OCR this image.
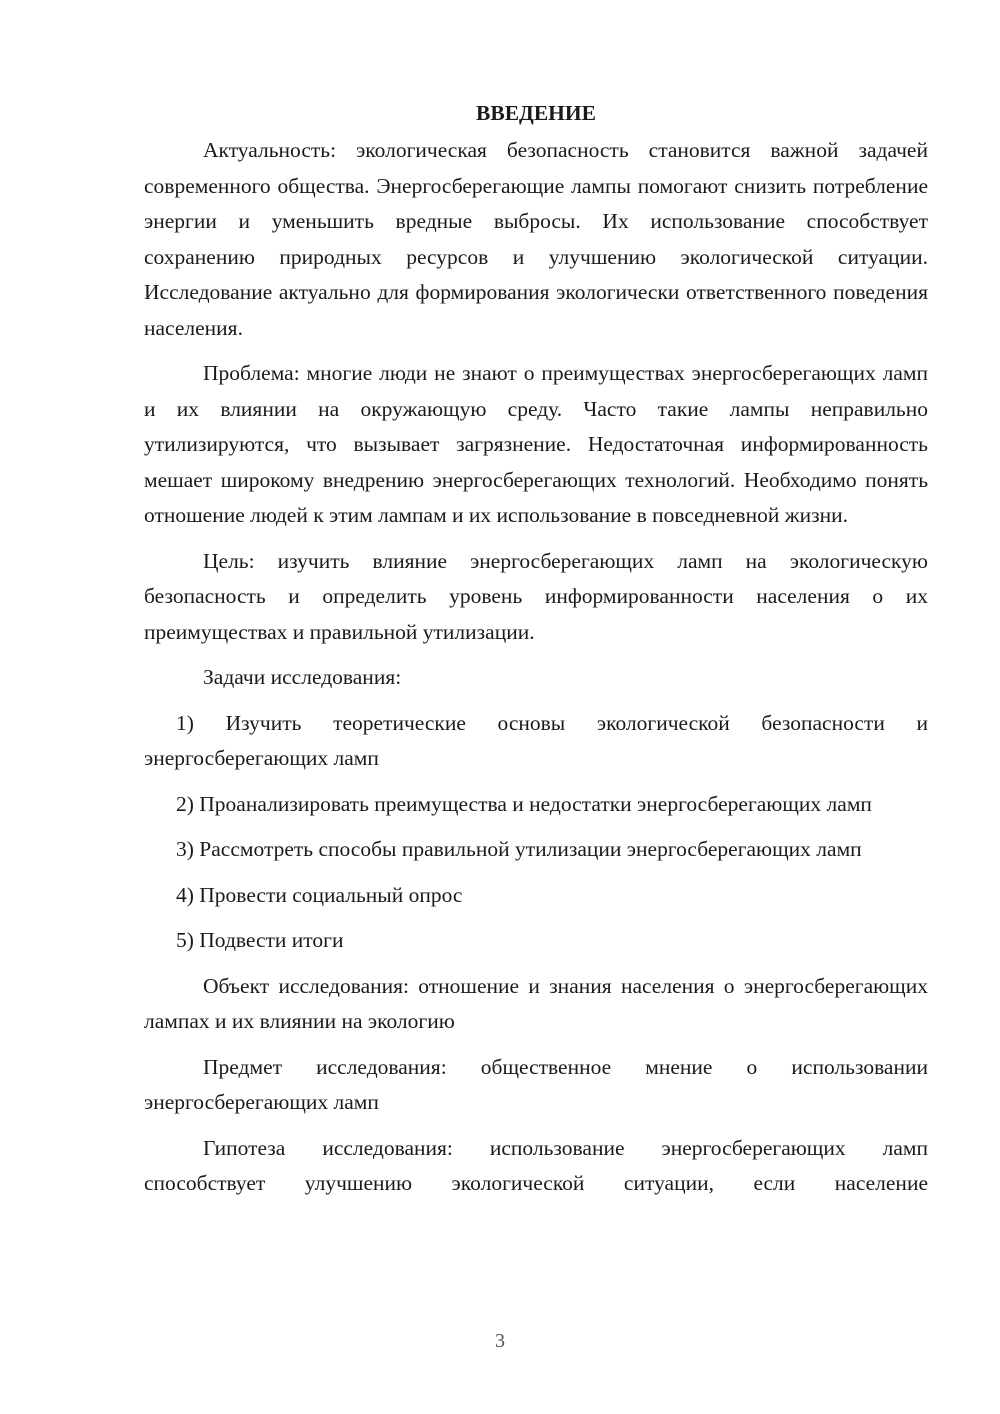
ВВЕДЕНИЕ

Актуальность: экологическая безопасность становится важной задачей современного общества. Энергосберегающие лампы помогают снизить потребление энергии и уменьшить вредные выбросы. Их использование способствует сохранению природных ресурсов и улучшению экологической ситуации. Исследование актуально для формирования экологически ответственного поведения населения.

Проблема: многие люди не знают о преимуществах энергосберегающих ламп и их влиянии на окружающую среду. Часто такие лампы неправильно утилизируются, что вызывает загрязнение. Недостаточная информированность мешает широкому внедрению энергосберегающих технологий. Необходимо понять отношение людей к этим лампам и их использование в повседневной жизни.

Цель: изучить влияние энергосберегающих ламп на экологическую безопасность и определить уровень информированности населения о их преимуществах и правильной утилизации.

Задачи исследования:

1) Изучить теоретические основы экологической безопасности и энергосберегающих ламп

2) Проанализировать преимущества и недостатки энергосберегающих ламп

3) Рассмотреть способы правильной утилизации энергосберегающих ламп

4) Провести социальный опрос

5) Подвести итоги

Объект исследования: отношение и знания населения о энергосберегающих лампах и их влиянии на экологию

Предмет исследования: общественное мнение о использовании энергосберегающих ламп

Гипотеза исследования: использование энергосберегающих ламп способствует улучшению экологической ситуации, если население

3
